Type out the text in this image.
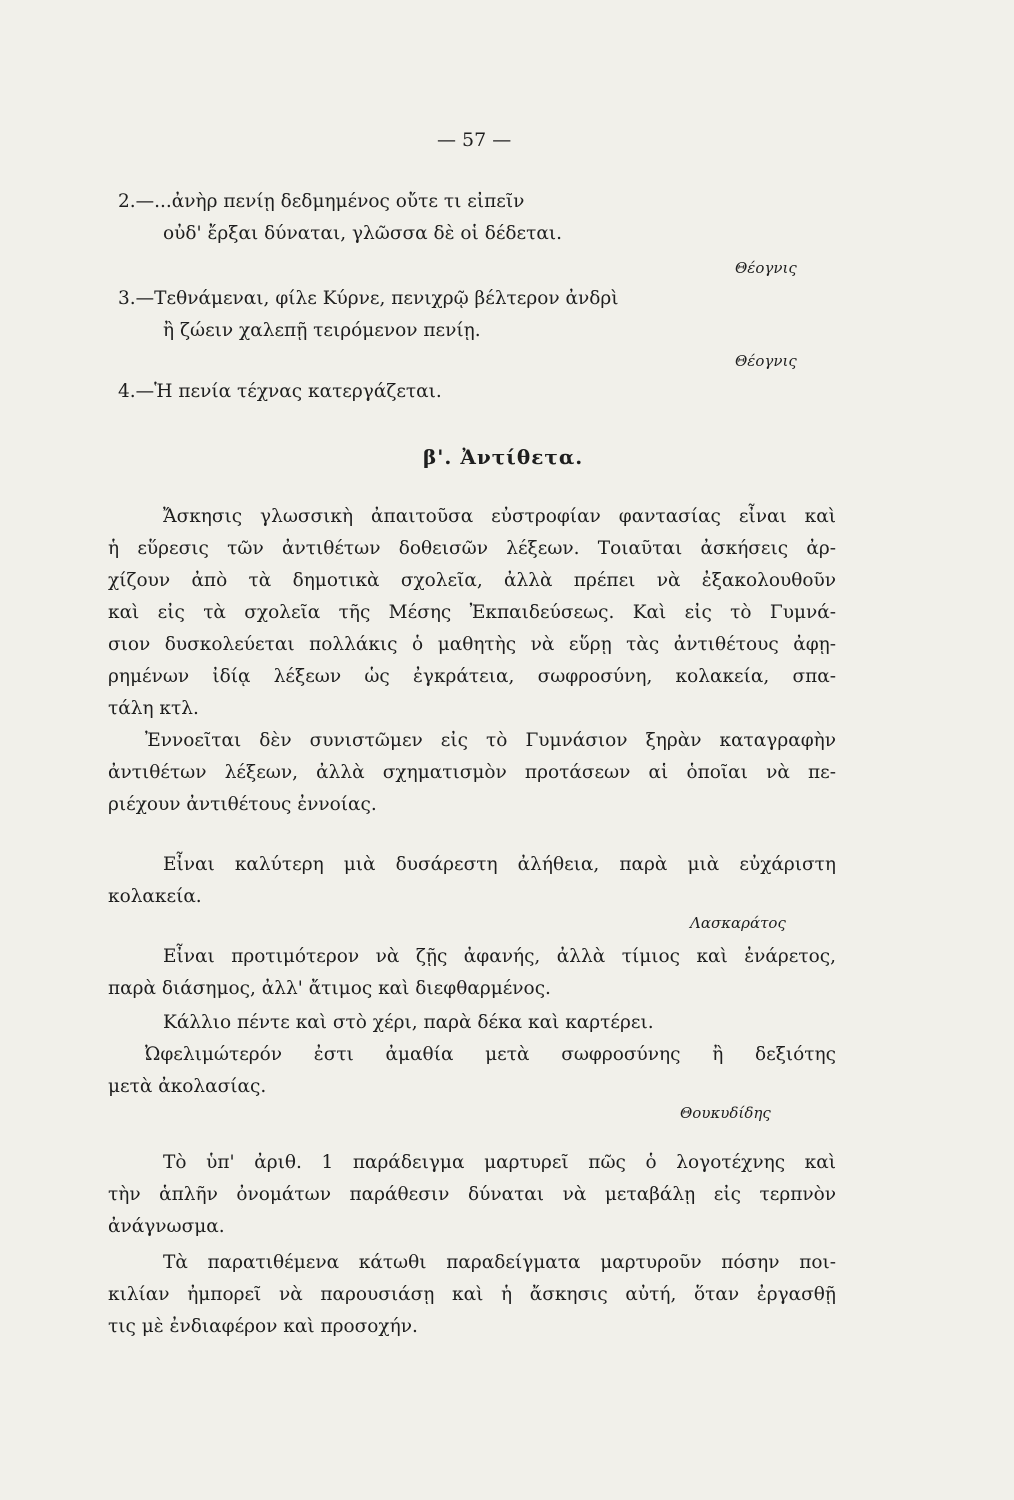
— 57 —
2.—...ἀνὴρ πενίῃ δεδμημένος οὔτε τι εἰπεῖν
οὐδ' ἔρξαι δύναται, γλῶσσα δὲ οἱ δέδεται.
Θέογνις
3.—Τεθνάμεναι, φίλε Κύρνε, πενιχρῷ βέλτερον ἀνδρὶ
ἢ ζώειν χαλεπῇ τειρόμενον πενίῃ.
Θέογνις
4.—Ἡ πενία τέχνας κατεργάζεται.
β'. Ἀντίθετα.
Ἄσκησις γλωσσικὴ ἀπαιτοῦσα εὐστροφίαν φαντασίας εἶναι καὶ
ἡ εὕρεσις τῶν ἀντιθέτων δοθεισῶν λέξεων. Τοιαῦται ἀσκήσεις ἀρ-
χίζουν ἀπὸ τὰ δημοτικὰ σχολεῖα, ἀλλὰ πρέπει νὰ ἐξακολουθοῦν
καὶ εἰς τὰ σχολεῖα τῆς Μέσης Ἐκπαιδεύσεως. Καὶ εἰς τὸ Γυμνά-
σιον δυσκολεύεται πολλάκις ὁ μαθητὴς νὰ εὕρῃ τὰς ἀντιθέτους ἀφῃ-
ρημένων ἰδίᾳ λέξεων ὡς ἐγκράτεια, σωφροσύνη, κολακεία, σπα-
τάλη κτλ.
Ἐννοεῖται δὲν συνιστῶμεν εἰς τὸ Γυμνάσιον ξηρὰν καταγραφὴν
ἀντιθέτων λέξεων, ἀλλὰ σχηματισμὸν προτάσεων αἱ ὁποῖαι νὰ πε-
ριέχουν ἀντιθέτους ἐννοίας.
Εἶναι καλύτερη μιὰ δυσάρεστη ἀλήθεια, παρὰ μιὰ εὐχάριστη
κολακεία.
Λασκαράτος
Εἶναι προτιμότερον νὰ ζῇς ἀφανής, ἀλλὰ τίμιος καὶ ἐνάρετος,
παρὰ διάσημος, ἀλλ' ἄτιμος καὶ διεφθαρμένος.
Κάλλιο πέντε καὶ στὸ χέρι, παρὰ δέκα καὶ καρτέρει.
Ὠφελιμώτερόν ἐστι ἀμαθία μετὰ σωφροσύνης ἢ δεξιότης
μετὰ ἀκολασίας.
Θουκυδίδης
Τὸ ὑπ' ἀριθ. 1 παράδειγμα μαρτυρεῖ πῶς ὁ λογοτέχνης καὶ
τὴν ἁπλῆν ὀνομάτων παράθεσιν δύναται νὰ μεταβάλῃ εἰς τερπνὸν
ἀνάγνωσμα.
Τὰ παρατιθέμενα κάτωθι παραδείγματα μαρτυροῦν πόσην ποι-
κιλίαν ἠμπορεῖ νὰ παρουσιάσῃ καὶ ἡ ἄσκησις αὐτή, ὅταν ἐργασθῇ
τις μὲ ἐνδιαφέρον καὶ προσοχήν.
